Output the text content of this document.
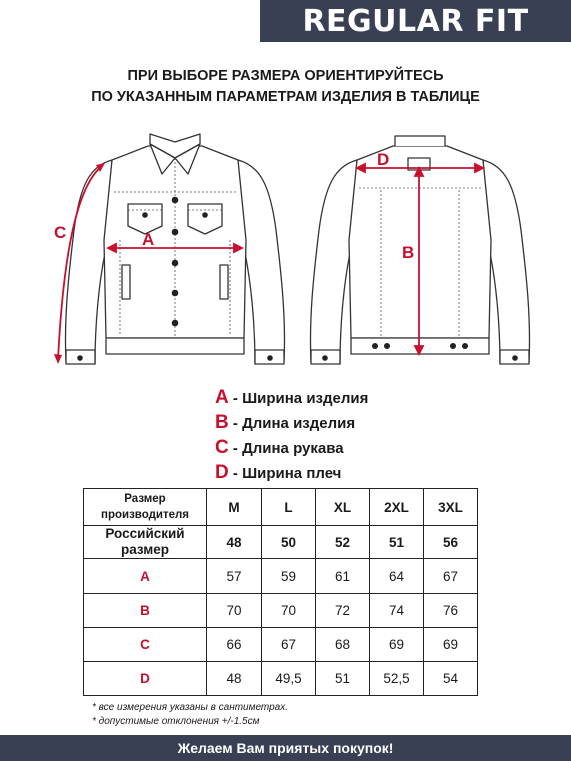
REGULAR FIT
ПРИ ВЫБОРЕ РАЗМЕРА ОРИЕНТИРУЙТЕСЬ
ПО УКАЗАННЫМ ПАРАМЕТРАМ ИЗДЕЛИЯ В ТАБЛИЦЕ
A
C
D
B
A - Ширина изделия
B - Длина изделия
C - Длина рукава
D - Ширина плеч
Размер
производителя	M	L	XL	2XL	3XL
Российский размер	48	50	52	51	56
A	57	59	61	64	67
B	70	70	72	74	76
C	66	67	68	69	69
D	48	49,5	51	52,5	54
* все измерения указаны в сантиметрах.
* допустимые отклонения +/-1.5см
Желаем Вам приятых покупок!
